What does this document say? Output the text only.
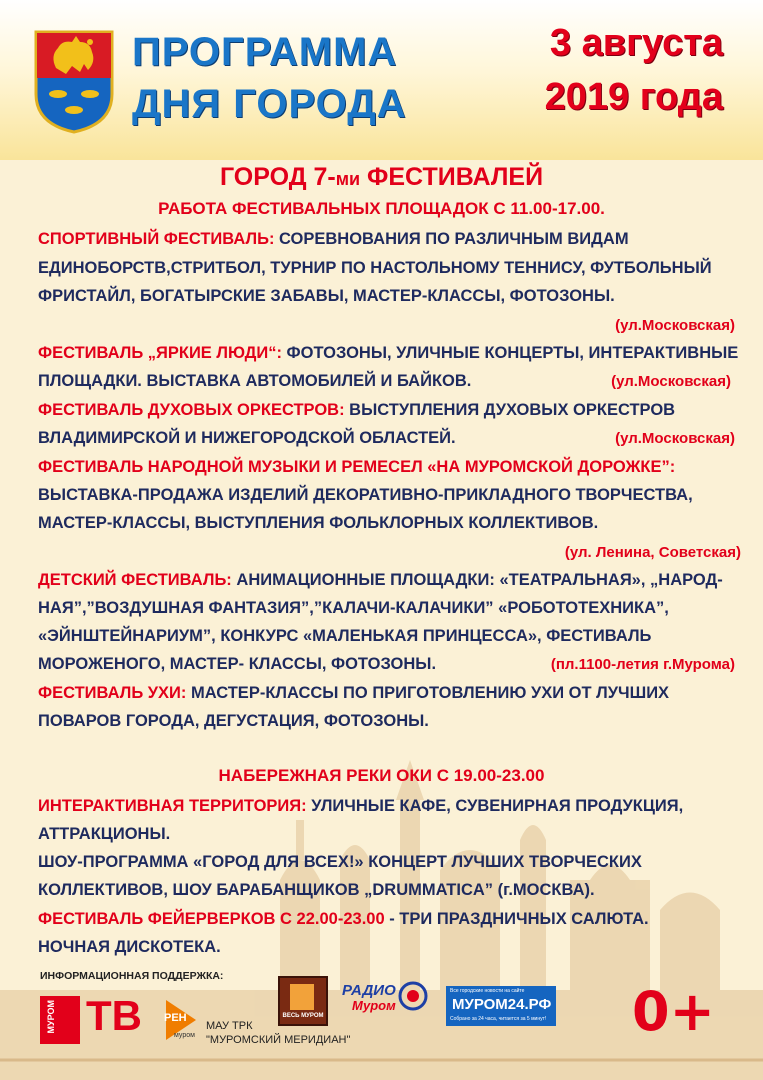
ПРОГРАММА
ДНЯ ГОРОДА
3 августа
2019 года
ГОРОД 7-ми ФЕСТИВАЛЕЙ
РАБОТА ФЕСТИВАЛЬНЫХ ПЛОЩАДОК С 11.00-17.00.
СПОРТИВНЫЙ ФЕСТИВАЛЬ: СОРЕВНОВАНИЯ ПО РАЗЛИЧНЫМ ВИДАМ
ЕДИНОБОРСТВ,СТРИТБОЛ, ТУРНИР ПО НАСТОЛЬНОМУ ТЕННИСУ, ФУТБОЛЬНЫЙ
ФРИСТАЙЛ, БОГАТЫРСКИЕ ЗАБАВЫ, МАСТЕР-КЛАССЫ, ФОТОЗОНЫ.
(ул.Московская)
ФЕСТИВАЛЬ „ЯРКИЕ ЛЮДИ“: ФОТОЗОНЫ, УЛИЧНЫЕ КОНЦЕРТЫ, ИНТЕРАКТИВНЫЕ
ПЛОЩАДКИ. ВЫСТАВКА АВТОМОБИЛЕЙ И БАЙКОВ.	(ул.Московская)
ФЕСТИВАЛЬ ДУХОВЫХ ОРКЕСТРОВ: ВЫСТУПЛЕНИЯ ДУХОВЫХ ОРКЕСТРОВ
ВЛАДИМИРСКОЙ И НИЖЕГОРОДСКОЙ ОБЛАСТЕЙ.	(ул.Московская)
ФЕСТИВАЛЬ НАРОДНОЙ МУЗЫКИ И РЕМЕСЕЛ «НА МУРОМСКОЙ ДОРОЖКЕ”:
ВЫСТАВКА-ПРОДАЖА ИЗДЕЛИЙ ДЕКОРАТИВНО-ПРИКЛАДНОГО ТВОРЧЕСТВА,
МАСТЕР-КЛАССЫ, ВЫСТУПЛЕНИЯ ФОЛЬКЛОРНЫХ КОЛЛЕКТИВОВ.
(ул. Ленина, Советская)
ДЕТСКИЙ ФЕСТИВАЛЬ: АНИМАЦИОННЫЕ ПЛОЩАДКИ: «ТЕАТРАЛЬНАЯ», „НАРОД-
НАЯ”,”ВОЗДУШНАЯ ФАНТАЗИЯ”,”КАЛАЧИ-КАЛАЧИКИ” «РОБОТОТЕХНИКА”,
«ЭЙНШТЕЙНАРИУМ”, КОНКУРС «МАЛЕНЬКАЯ ПРИНЦЕССА», ФЕСТИВАЛЬ
МОРОЖЕНОГО, МАСТЕР- КЛАССЫ, ФОТОЗОНЫ.	(пл.1100-летия г.Мурома)
ФЕСТИВАЛЬ УХИ: МАСТЕР-КЛАССЫ ПО ПРИГОТОВЛЕНИЮ УХИ ОТ ЛУЧШИХ
ПОВАРОВ ГОРОДА, ДЕГУСТАЦИЯ, ФОТОЗОНЫ.
НАБЕРЕЖНАЯ РЕКИ ОКИ С 19.00-23.00
ИНТЕРАКТИВНАЯ ТЕРРИТОРИЯ: УЛИЧНЫЕ КАФЕ, СУВЕНИРНАЯ ПРОДУКЦИЯ,
АТТРАКЦИОНЫ.
ШОУ-ПРОГРАММА «ГОРОД ДЛЯ ВСЕХ!» КОНЦЕРТ ЛУЧШИХ ТВОРЧЕСКИХ
КОЛЛЕКТИВОВ, ШОУ БАРАБАНЩИКОВ „DRUMMATICA” (г.МОСКВА).
ФЕСТИВАЛЬ ФЕЙЕРВЕРКОВ С 22.00-23.00 - ТРИ ПРАЗДНИЧНЫХ САЛЮТА.
НОЧНАЯ ДИСКОТЕКА.
ИНФОРМАЦИОННАЯ ПОДДЕРЖКА:
МУРОМ ТВ РЕН
муром
МАУ ТРК
"МУРОМСКИЙ МЕРИДИАН"
ВЕСЬ МУРОМ
РАДИО
Муром
Все городские новости на сайте
МУРОМ24.РФ
Собрано за 24 часа, читается за 5 минут! 0+
